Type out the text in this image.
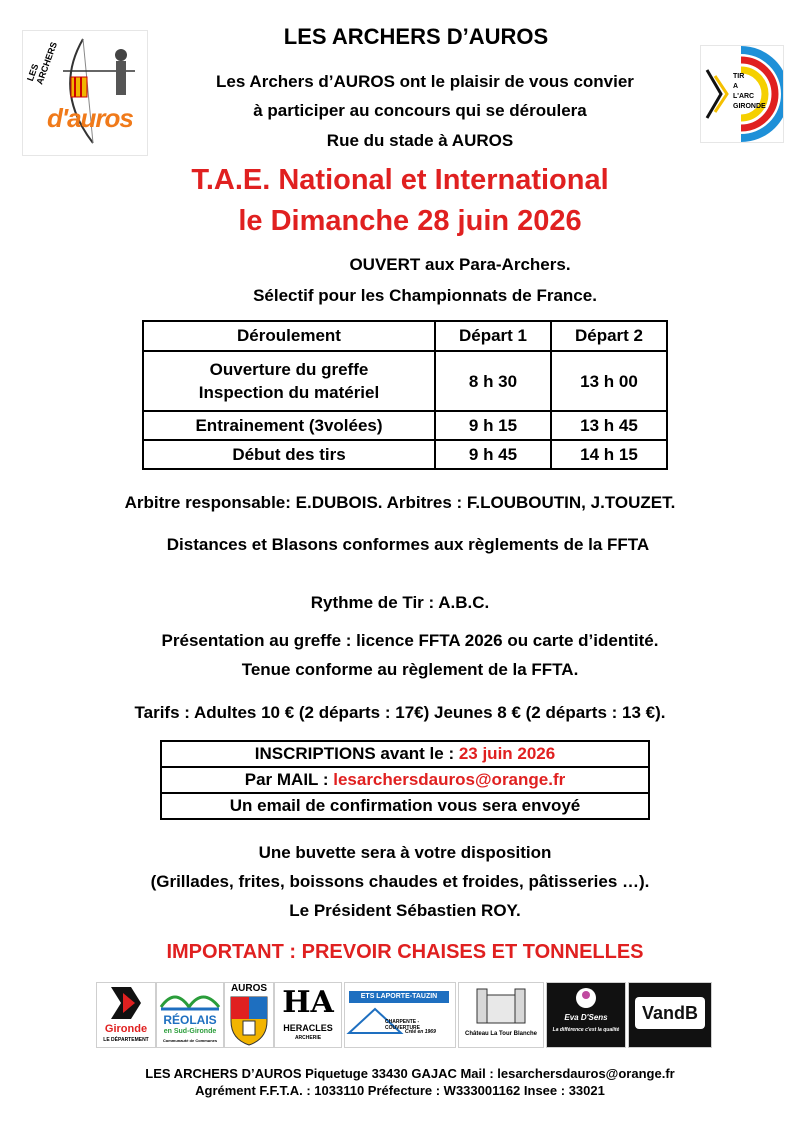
LES ARCHERS
d'auros
TIR
A
L'ARC
GIRONDE
LES ARCHERS D’AUROS
Les Archers d’AUROS ont le plaisir de vous convier
à participer au concours qui se déroulera
Rue du stade à AUROS
T.A.E. National et International
le Dimanche 28 juin 2026
OUVERT aux Para-Archers.
Sélectif pour les Championnats de France.
Déroulement	Départ 1	Départ 2

Ouverture du greffe
Inspection du matériel	8 h 30	13 h 00
Entrainement (3volées)	9 h 15	13 h 45
Début des tirs	9 h 45	14 h 15
Arbitre responsable: E.DUBOIS. Arbitres : F.LOUBOUTIN, J.TOUZET.
Distances et Blasons conformes aux règlements de la FFTA
Rythme de Tir : A.B.C.
Présentation au greffe : licence FFTA 2026 ou carte d’identité.
Tenue conforme au règlement de la FFTA.
Tarifs : Adultes 10 € (2 départs : 17€) Jeunes 8 € (2 départs : 13 €).
INSCRIPTIONS avant le : 23 juin 2026
Par MAIL : lesarchersdauros@orange.fr
Un email de confirmation vous sera envoyé
Une buvette sera à votre disposition
(Grillades, frites, boissons chaudes et froides, pâtisseries …).
Le Président Sébastien ROY.
IMPORTANT : PREVOIR CHAISES ET TONNELLES
Gironde
LE DÉPARTEMENT
RÉOLAIS
en Sud-Gironde
Communauté de Communes
AUROS HA
HERACLES
ARCHERIE
ETS LAPORTE-TAUZIN
CHARPENTE - COUVERTURE
Créé en 1969	Château La Tour Blanche
Eva D'Sens
La différence c'est la qualité
VandB
LES ARCHERS D’AUROS Piquetuge 33430 GAJAC Mail : lesarchersdauros@orange.fr
Agrément F.F.T.A. : 1033110 Préfecture : W333001162 Insee : 33021
